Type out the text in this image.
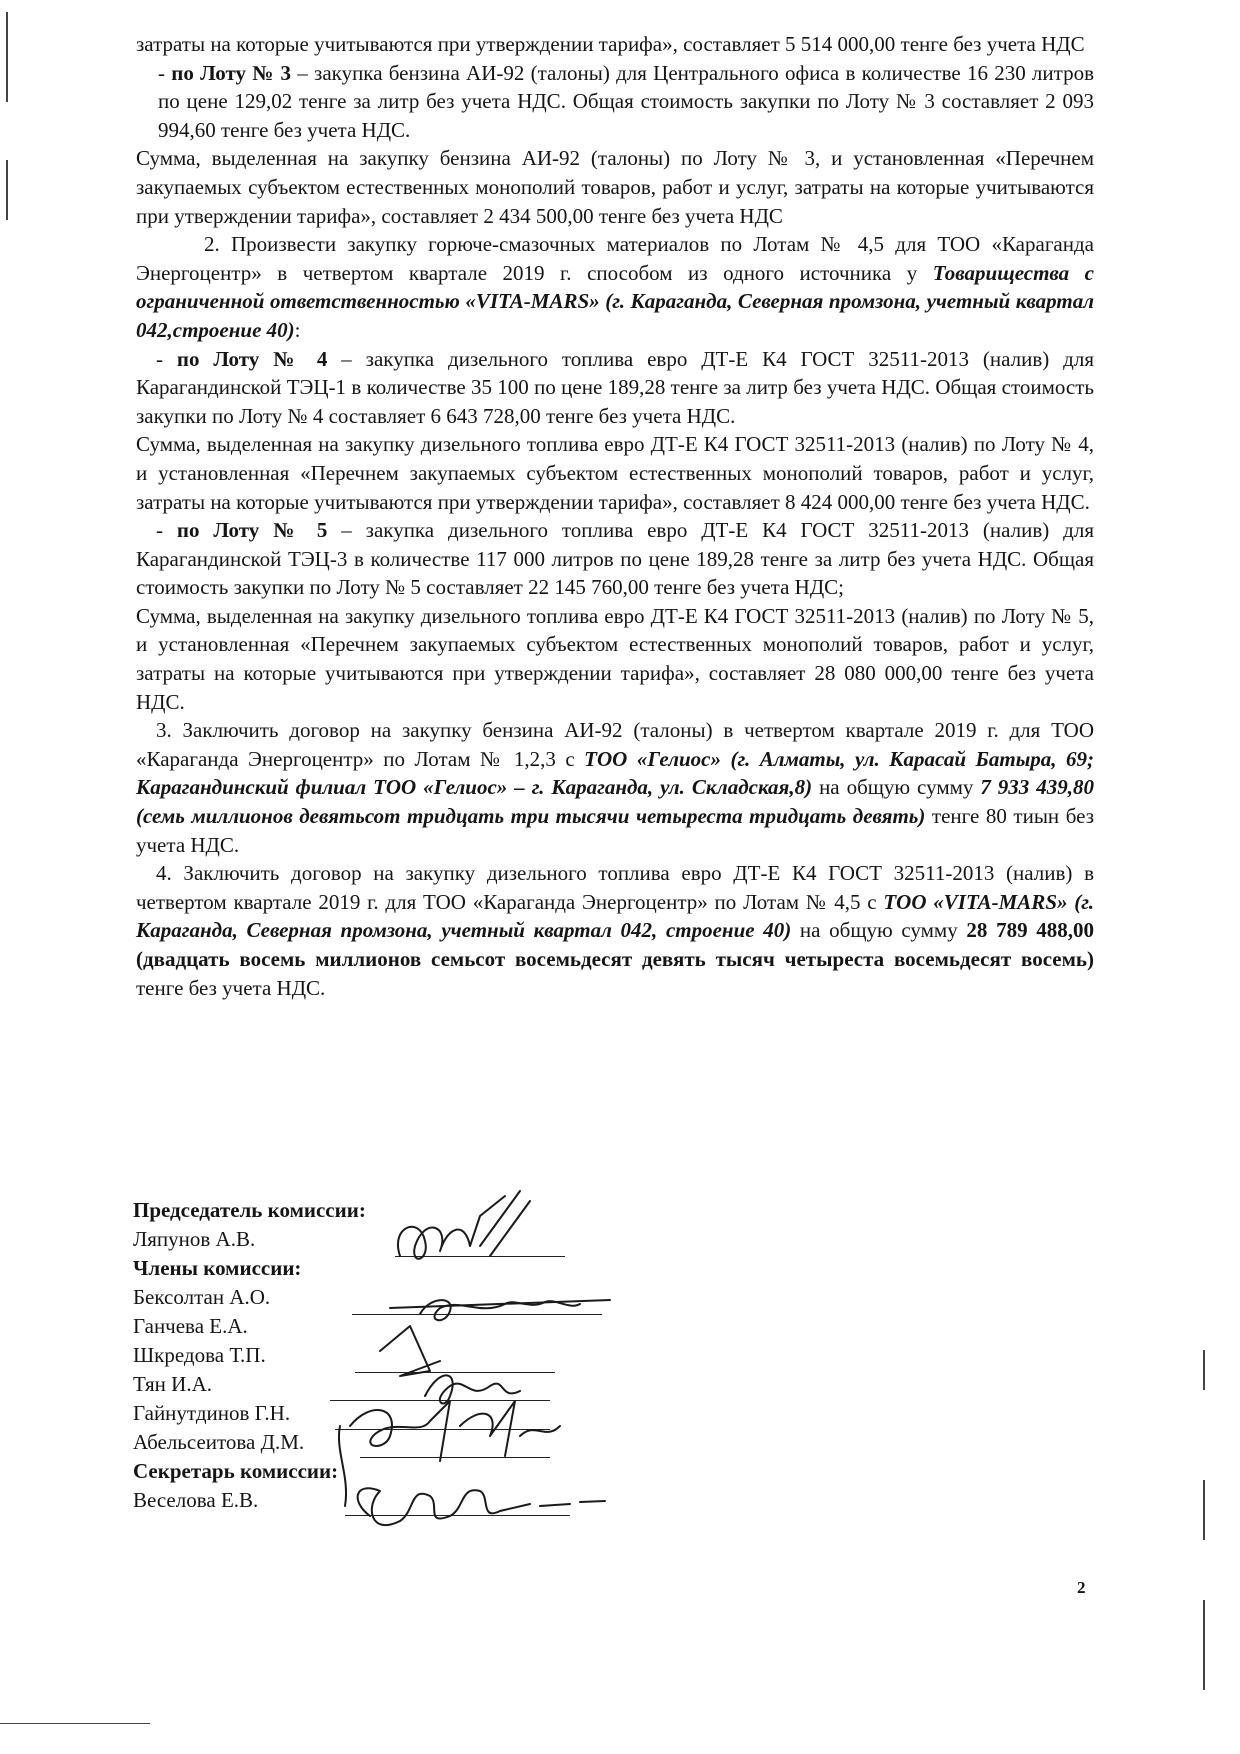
затраты на которые учитываются при утверждении тарифа», составляет 5 514 000,00 тенге без учета НДС

- по Лоту № 3 – закупка бензина АИ-92 (талоны) для Центрального офиса в количестве 16 230 литров по цене 129,02 тенге за литр без учета НДС. Общая стоимость закупки по Лоту № 3 составляет 2 093 994,60 тенге без учета НДС.

Сумма, выделенная на закупку бензина АИ-92 (талоны) по Лоту № 3, и установленная «Перечнем закупаемых субъектом естественных монополий товаров, работ и услуг, затраты на которые учитываются при утверждении тарифа», составляет 2 434 500,00 тенге без учета НДС

2. Произвести закупку горюче-смазочных материалов по Лотам № 4,5 для ТОО «Караганда Энергоцентр» в четвертом квартале 2019 г. способом из одного источника у Товарищества с ограниченной ответственностью «VITA-MARS» (г. Караганда, Северная промзона, учетный квартал 042,строение 40):

- по Лоту № 4 – закупка дизельного топлива евро ДТ-Е К4 ГОСТ 32511-2013 (налив) для Карагандинской ТЭЦ-1 в количестве 35 100 по цене 189,28 тенге за литр без учета НДС. Общая стоимость закупки по Лоту № 4 составляет 6 643 728,00 тенге без учета НДС.

Сумма, выделенная на закупку дизельного топлива евро ДТ-Е К4 ГОСТ 32511-2013 (налив) по Лоту № 4, и установленная «Перечнем закупаемых субъектом естественных монополий товаров, работ и услуг, затраты на которые учитываются при утверждении тарифа», составляет 8 424 000,00 тенге без учета НДС.

- по Лоту № 5 – закупка дизельного топлива евро ДТ-Е К4 ГОСТ 32511-2013 (налив) для Карагандинской ТЭЦ-3 в количестве 117 000 литров по цене 189,28 тенге за литр без учета НДС. Общая стоимость закупки по Лоту № 5 составляет 22 145 760,00 тенге без учета НДС;

Сумма, выделенная на закупку дизельного топлива евро ДТ-Е К4 ГОСТ 32511-2013 (налив) по Лоту № 5, и установленная «Перечнем закупаемых субъектом естественных монополий товаров, работ и услуг, затраты на которые учитываются при утверждении тарифа», составляет 28 080 000,00 тенге без учета НДС.

3. Заключить договор на закупку бензина АИ-92 (талоны) в четвертом квартале 2019 г. для ТОО «Караганда Энергоцентр» по Лотам № 1,2,3 с ТОО «Гелиос» (г. Алматы, ул. Карасай Батыра, 69; Карагандинский филиал ТОО «Гелиос» – г. Караганда, ул. Складская,8) на общую сумму 7 933 439,80 (семь миллионов девятьсот тридцать три тысячи четыреста тридцать девять) тенге 80 тиын без учета НДС.

4. Заключить договор на закупку дизельного топлива евро ДТ-Е К4 ГОСТ 32511-2013 (налив) в четвертом квартале 2019 г. для ТОО «Караганда Энергоцентр» по Лотам № 4,5 с ТОО «VITA-MARS» (г. Караганда, Северная промзона, учетный квартал 042, строение 40) на общую сумму 28 789 488,00 (двадцать восемь миллионов семьсот восемьдесят девять тысяч четыреста восемьдесят восемь) тенге без учета НДС.

Председатель комиссии:
Ляпунов А.В.
Члены комиссии:
Бексолтан А.О.
Ганчева Е.А.
Шкредова Т.П.
Тян И.А.
Гайнутдинов Г.Н.
Абельсеитова Д.М.
Секретарь комиссии:
Веселова Е.В.
2
